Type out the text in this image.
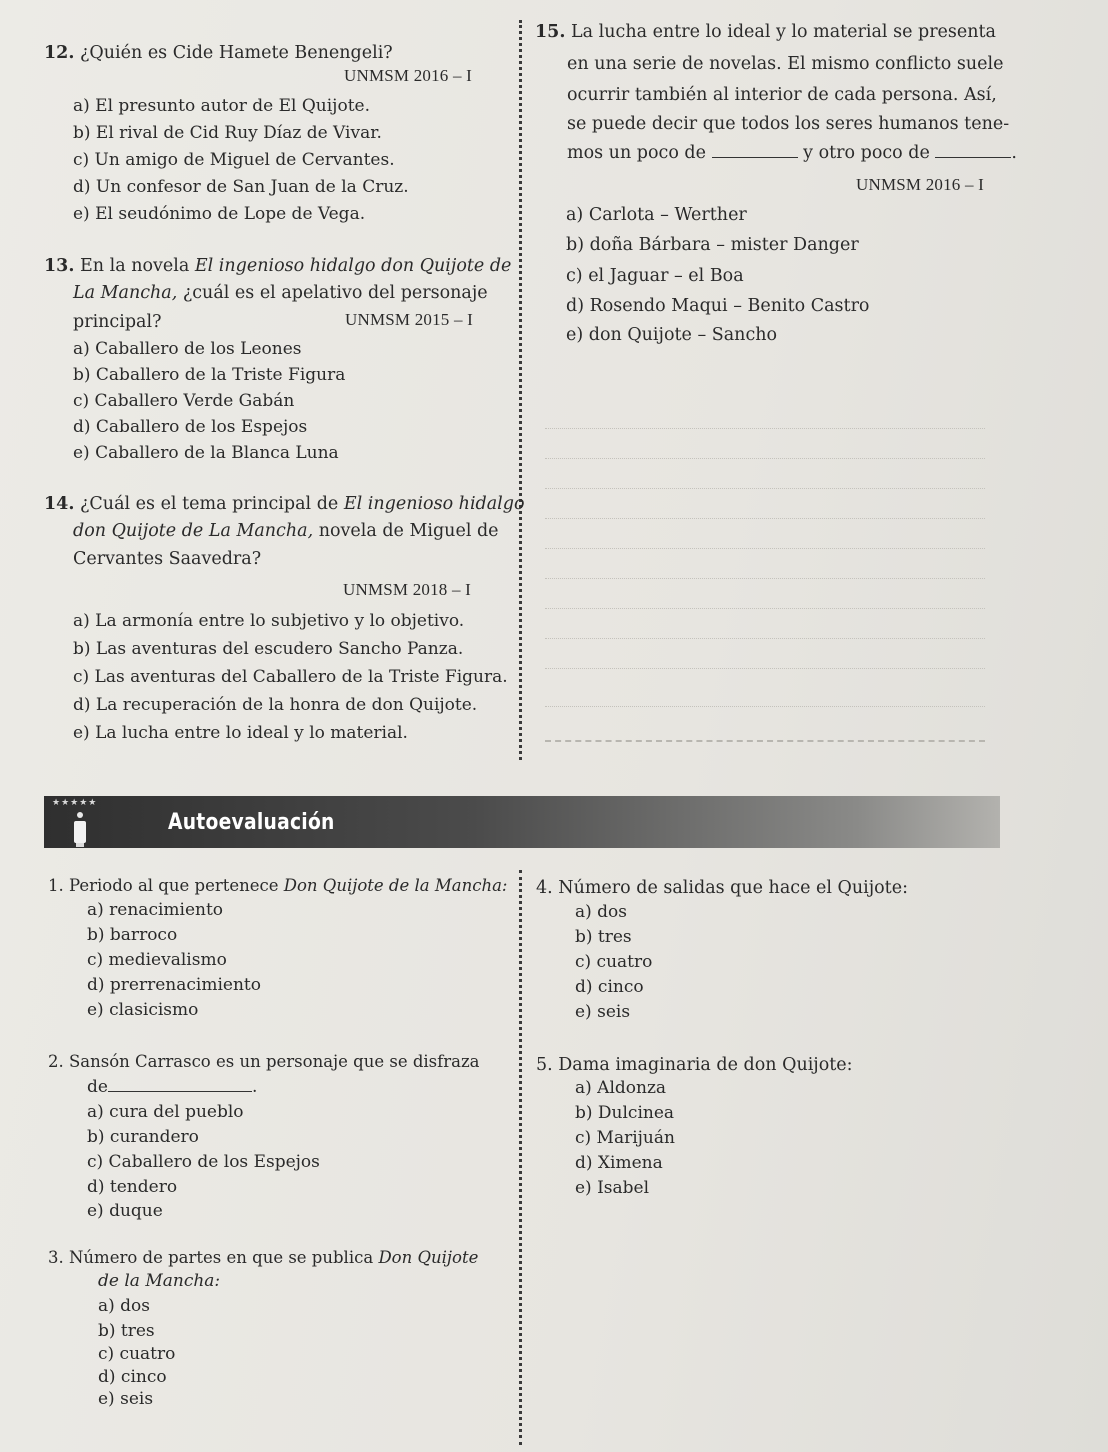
12. ¿Quién es Cide Hamete Benengeli?
UNMSM 2016 – I
a) El presunto autor de El Quijote.
b) El rival de Cid Ruy Díaz de Vivar.
c) Un amigo de Miguel de Cervantes.
d) Un confesor de San Juan de la Cruz.
e) El seudónimo de Lope de Vega.
13. En la novela El ingenioso hidalgo don Quijote de
La Mancha, ¿cuál es el apelativo del personaje
principal?	UNMSM 2015 – I
a) Caballero de los Leones
b) Caballero de la Triste Figura
c) Caballero Verde Gabán
d) Caballero de los Espejos
e) Caballero de la Blanca Luna
14. ¿Cuál es el tema principal de El ingenioso hidalgo
don Quijote de La Mancha, novela de Miguel de
Cervantes Saavedra?
UNMSM 2018 – I
a) La armonía entre lo subjetivo y lo objetivo.
b) Las aventuras del escudero Sancho Panza.
c) Las aventuras del Caballero de la Triste Figura.
d) La recuperación de la honra de don Quijote.
e) La lucha entre lo ideal y lo material.
15. La lucha entre lo ideal y lo material se presenta
en una serie de novelas. El mismo conflicto suele
ocurrir también al interior de cada persona. Así,
se puede decir que todos los seres humanos tene-
mos un poco de	y otro poco de	.
UNMSM 2016 – I
a) Carlota – Werther
b) doña Bárbara – mister Danger
c) el Jaguar – el Boa
d) Rosendo Maqui – Benito Castro
e) don Quijote – Sancho
★★★★★
Autoevaluación
1. Periodo al que pertenece Don Quijote de la Mancha:
a) renacimiento
b) barroco
c) medievalismo
d) prerrenacimiento
e) clasicismo
2. Sansón Carrasco es un personaje que se disfraza
de	.
a) cura del pueblo
b) curandero
c) Caballero de los Espejos
d) tendero
e) duque
3. Número de partes en que se publica Don Quijote
de la Mancha:
a) dos
b) tres
c) cuatro
d) cinco
e) seis
4. Número de salidas que hace el Quijote:
a) dos
b) tres
c) cuatro
d) cinco
e) seis
5. Dama imaginaria de don Quijote:
a) Aldonza
b) Dulcinea
c) Marijuán
d) Ximena
e) Isabel
